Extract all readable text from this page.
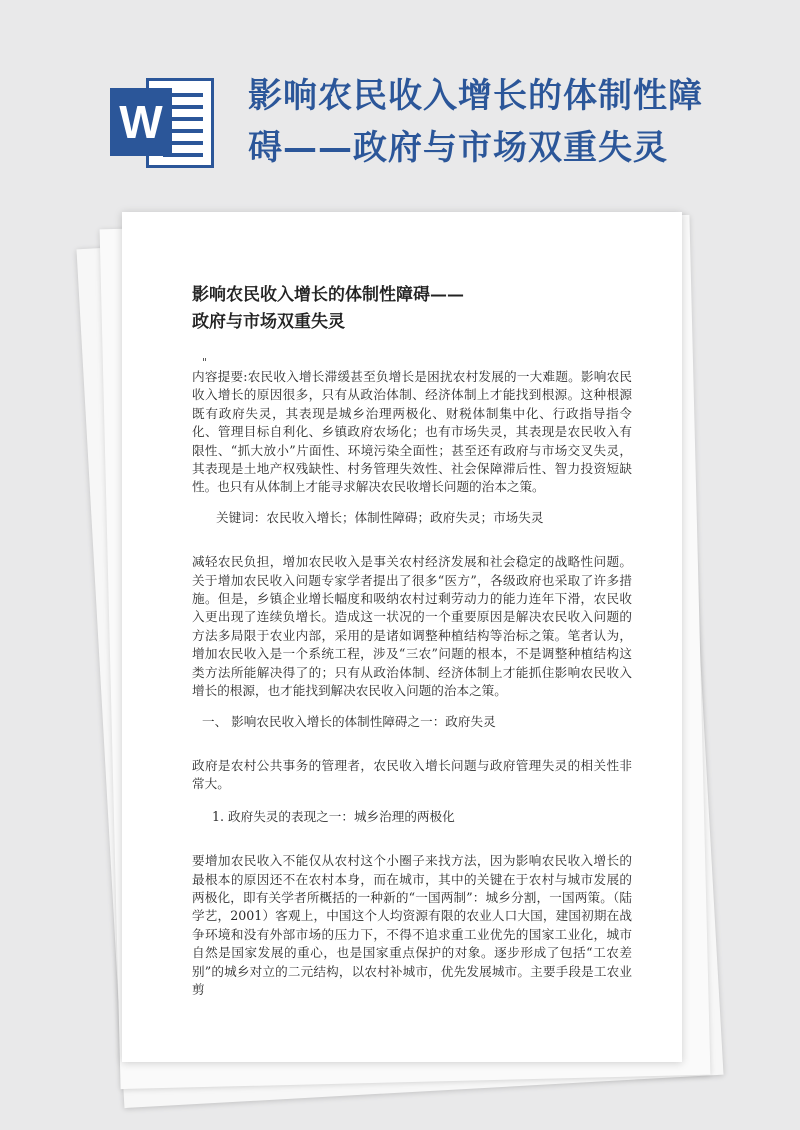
W	影响农民收入增长的体制性障
碍——政府与市场双重失灵
影响农民收入增长的体制性障碍——
政府与市场双重失灵
"

内容提要:农民收入增长滞缓甚至负增长是困扰农村发展的一大难题。影响农民收入增长的原因很多，只有从政治体制、经济体制上才能找到根源。这种根源既有政府失灵，其表现是城乡治理两极化、财税体制集中化、行政指导指令化、管理目标自利化、乡镇政府农场化；也有市场失灵，其表现是农民收入有限性、“抓大放小”片面性、环境污染全面性；甚至还有政府与市场交叉失灵，其表现是土地产权残缺性、村务管理失效性、社会保障滞后性、智力投资短缺性。也只有从体制上才能寻求解决农民收增长问题的治本之策。

关键词：农民收入增长；体制性障碍；政府失灵；市场失灵

减轻农民负担，增加农民收入是事关农村经济发展和社会稳定的战略性问题。关于增加农民收入问题专家学者提出了很多“医方”，各级政府也采取了许多措施。但是，乡镇企业增长幅度和吸纳农村过剩劳动力的能力连年下滑，农民收入更出现了连续负增长。造成这一状况的一个重要原因是解决农民收入问题的方法多局限于农业内部，采用的是诸如调整种植结构等治标之策。笔者认为，增加农民收入是一个系统工程，涉及“三农”问题的根本，不是调整种植结构这类方法所能解决得了的；只有从政治体制、经济体制上才能抓住影响农民收入增长的根源，也才能找到解决农民收入问题的治本之策。

一、 影响农民收入增长的体制性障碍之一：政府失灵

政府是农村公共事务的管理者，农民收入增长问题与政府管理失灵的相关性非常大。

1. 政府失灵的表现之一：城乡治理的两极化

要增加农民收入不能仅从农村这个小圈子来找方法，因为影响农民收入增长的最根本的原因还不在农村本身，而在城市，其中的关键在于农村与城市发展的两极化，即有关学者所概括的一种新的“一国两制”：城乡分割，一国两策。（陆学艺，2001）客观上，中国这个人均资源有限的农业人口大国，建国初期在战争环境和没有外部市场的压力下，不得不追求重工业优先的国家工业化，城市自然是国家发展的重心，也是国家重点保护的对象。逐步形成了包括“工农差别”的城乡对立的二元结构，以农村补城市，优先发展城市。主要手段是工农业剪
